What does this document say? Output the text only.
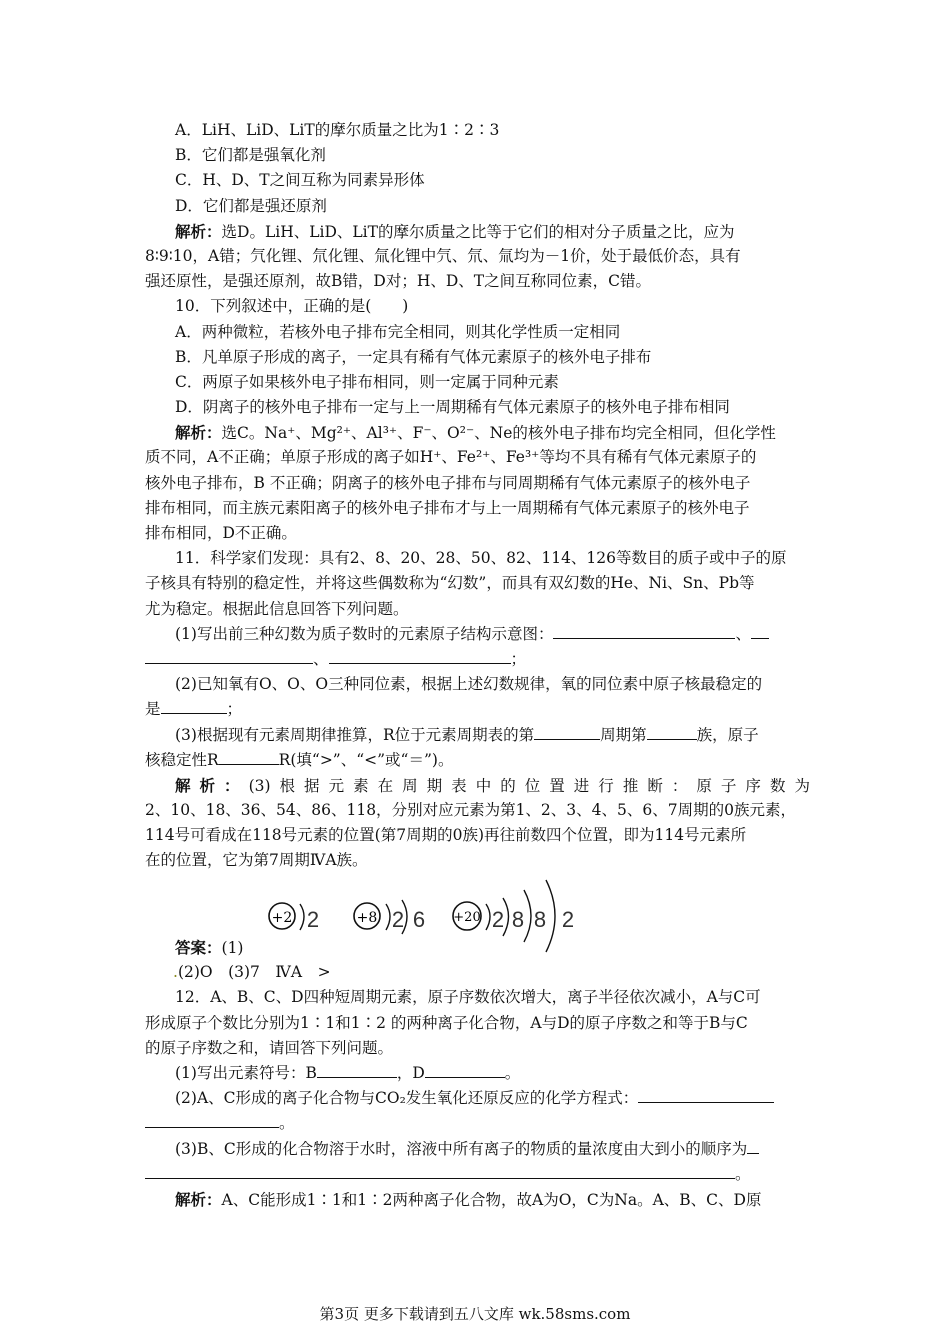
A．LiH、LiD、LiT的摩尔质量之比为1∶2∶3
B．它们都是强氧化剂
C．H、D、T之间互称为同素异形体
D．它们都是强还原剂
解析：选D。LiH、LiD、LiT的摩尔质量之比等于它们的相对分子质量之比，应为
8∶9∶10，A错；氕化锂、氘化锂、氚化锂中氕、氘、氚均为－1价，处于最低价态，具有
强还原性，是强还原剂，故B错，D对；H、D、T之间互称同位素，C错。
10．下列叙述中，正确的是(　　)
A．两种微粒，若核外电子排布完全相同，则其化学性质一定相同
B．凡单原子形成的离子，一定具有稀有气体元素原子的核外电子排布
C．两原子如果核外电子排布相同，则一定属于同种元素
D．阴离子的核外电子排布一定与上一周期稀有气体元素原子的核外电子排布相同
解析：选C。Na⁺、Mg²⁺、Al³⁺、F⁻、O²⁻、Ne的核外电子排布均完全相同，但化学性
质不同，A不正确；单原子形成的离子如H⁺、Fe²⁺、Fe³⁺等均不具有稀有气体元素原子的
核外电子排布，B 不正确；阴离子的核外电子排布与同周期稀有气体元素原子的核外电子
排布相同，而主族元素阳离子的核外电子排布才与上一周期稀有气体元素原子的核外电子
排布相同，D不正确。
11．科学家们发现：具有2、8、20、28、50、82、114、126等数目的质子或中子的原
子核具有特别的稳定性，并将这些偶数称为“幻数”，而具有双幻数的He、Ni、Sn、Pb等
尤为稳定。根据此信息回答下列问题。
(1)写出前三种幻数为质子数时的元素原子结构示意图：	、
、	；
(2)已知氧有O、O、O三种同位素，根据上述幻数规律，氧的同位素中原子核最稳定的
是	；
(3)根据现有元素周期律推算，R位于元素周期表的第	周期第	族，原子
核稳定性R	R(填“>”、“<”或“＝”)。
解析：(3)根据元素在周期表中的位置进行推断：原子序数为
2、10、18、36、54、86、118，分别对应元素为第1、2、3、4、5、6、7周期的0族元素，
114号可看成在118号元素的位置(第7周期的0族)再往前数四个位置，即为114号元素所
在的位置，它为第7周期ⅣA族。
+2 2	+8 2 6 +20 2 8 8 2
答案：(1)
.(2)O　(3)7　ⅣA　>
12．A、B、C、D四种短周期元素，原子序数依次增大，离子半径依次减小，A与C可
形成原子个数比分别为1∶1和1∶2 的两种离子化合物，A与D的原子序数之和等于B与C
的原子序数之和，请回答下列问题。
(1)写出元素符号：B	，D	。
(2)A、C形成的离子化合物与CO₂发生氧化还原反应的化学方程式：
。
(3)B、C形成的化合物溶于水时，溶液中所有离子的物质的量浓度由大到小的顺序为
。
解析：A、C能形成1∶1和1∶2两种离子化合物，故A为O，C为Na。A、B、C、D原
第3页 更多下载请到五八文库 wk.58sms.com
